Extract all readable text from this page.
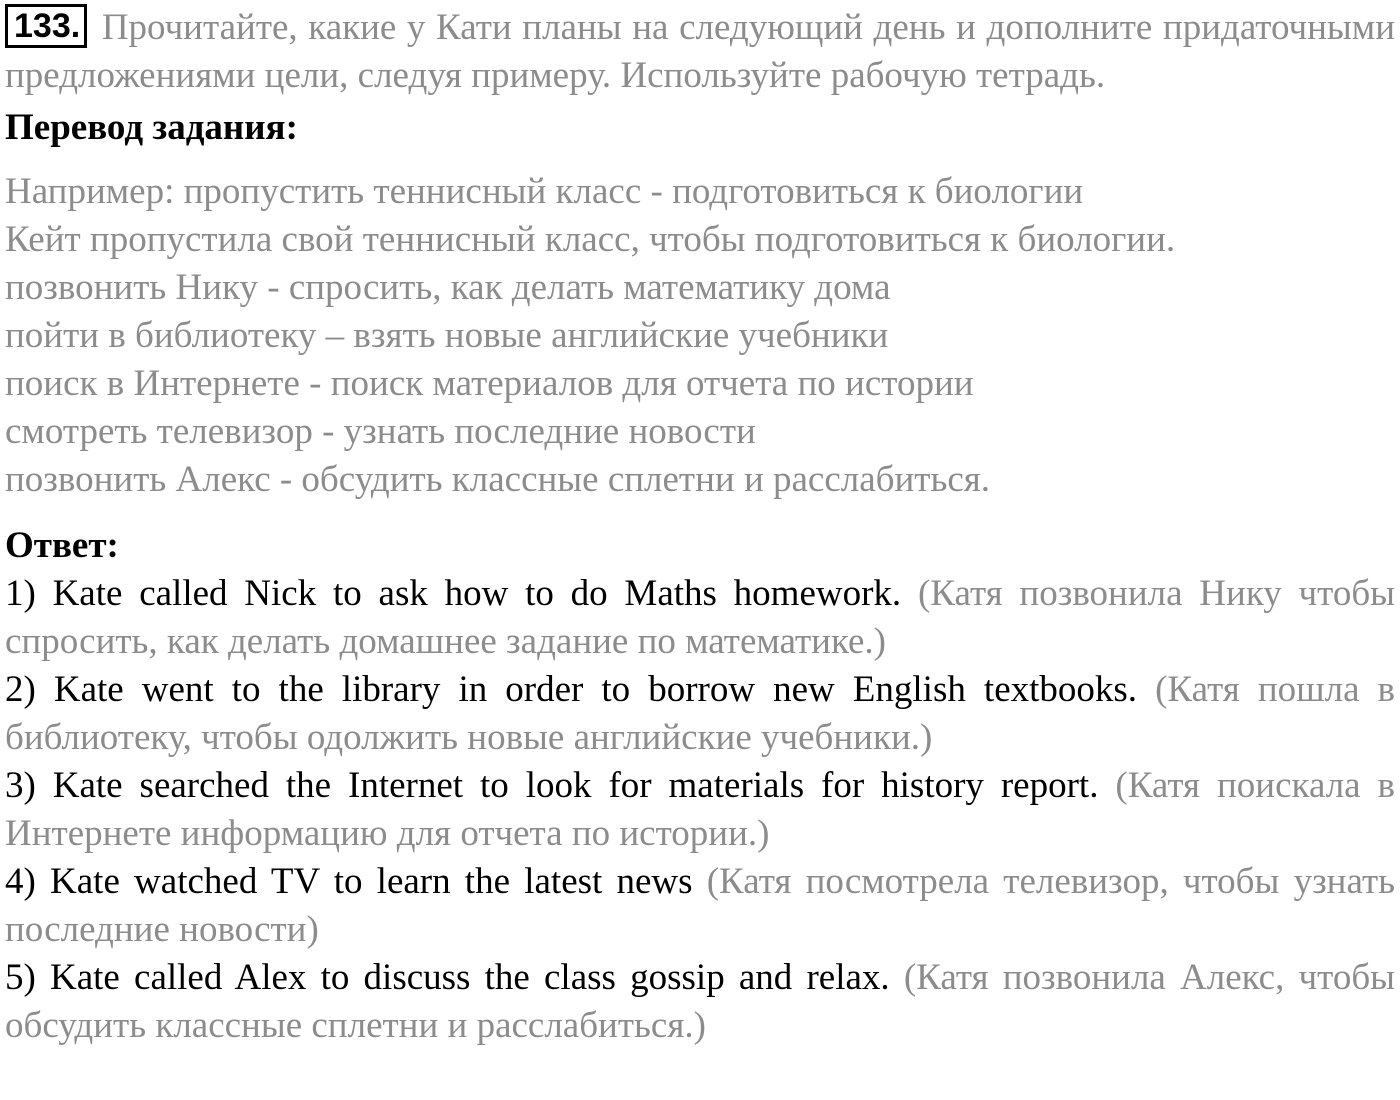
133. Прочитайте, какие у Кати планы на следующий день и дополните придаточными предложениями цели, следуя примеру. Используйте рабочую тетрадь.

Перевод задания:

Например: пропустить теннисный класс - подготовиться к биологии
Кейт пропустила свой теннисный класс, чтобы подготовиться к биологии.
позвонить Нику - спросить, как делать математику дома
пойти в библиотеку – взять новые английские учебники
поиск в Интернете - поиск материалов для отчета по истории
смотреть телевизор - узнать последние новости
позвонить Алекс - обсудить классные сплетни и расслабиться.

Ответ:

1) Kate called Nick to ask how to do Maths homework. (Катя позвонила Нику чтобы спросить, как делать домашнее задание по математике.)

2) Kate went to the library in order to borrow new English textbooks. (Катя пошла в библиотеку, чтобы одолжить новые английские учебники.)

3) Kate searched the Internet to look for materials for history report. (Катя поискала в Интернете информацию для отчета по истории.)

4) Kate watched TV to learn the latest news (Катя посмотрела телевизор, чтобы узнать последние новости)

5) Kate called Alex to discuss the class gossip and relax. (Катя позвонила Алекс, чтобы обсудить классные сплетни и расслабиться.)
